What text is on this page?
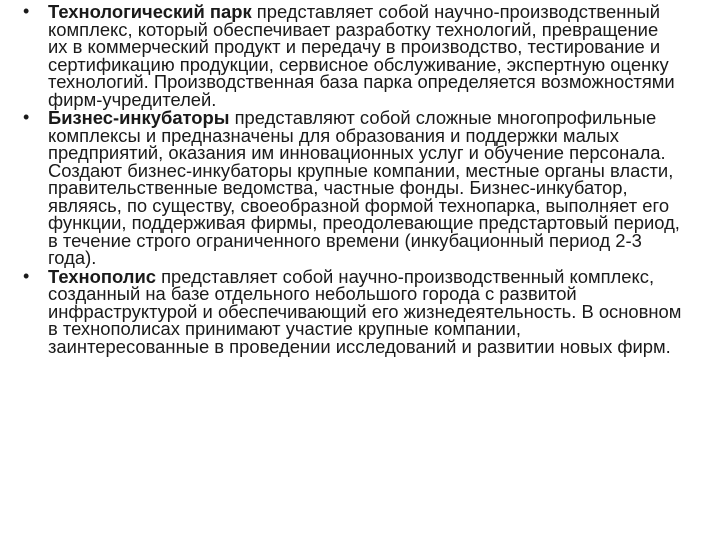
• Технологический парк представляет собой научно-производственный комплекс, который обеспечивает разработку технологий, превращение их в коммерческий продукт и передачу в производство, тестирование и сертификацию продукции, сервисное обслуживание, экспертную оценку технологий. Производственная база парка определяется возможностями фирм-учредителей.
• Бизнес-инкубаторы представляют собой сложные многопрофильные комплексы и предназначены для образования и поддержки малых предприятий, оказания им инновационных услуг и обучение персонала. Создают бизнес-инкубаторы крупные компании, местные органы власти, правительственные ведомства, частные фонды. Бизнес-инкубатор, являясь, по существу, своеобразной формой технопарка, выполняет его функции, поддерживая фирмы, преодолевающие предстартовый период, в течение строго ограниченного времени (инкубационный период 2-3 года).
• Технополис представляет собой научно-производственный комплекс, созданный на базе отдельного небольшого города с развитой инфраструктурой и обеспечивающий его жизнедеятельность. В основном в технополисах принимают участие крупные компании, заинтересованные в проведении исследований и развитии новых фирм.
